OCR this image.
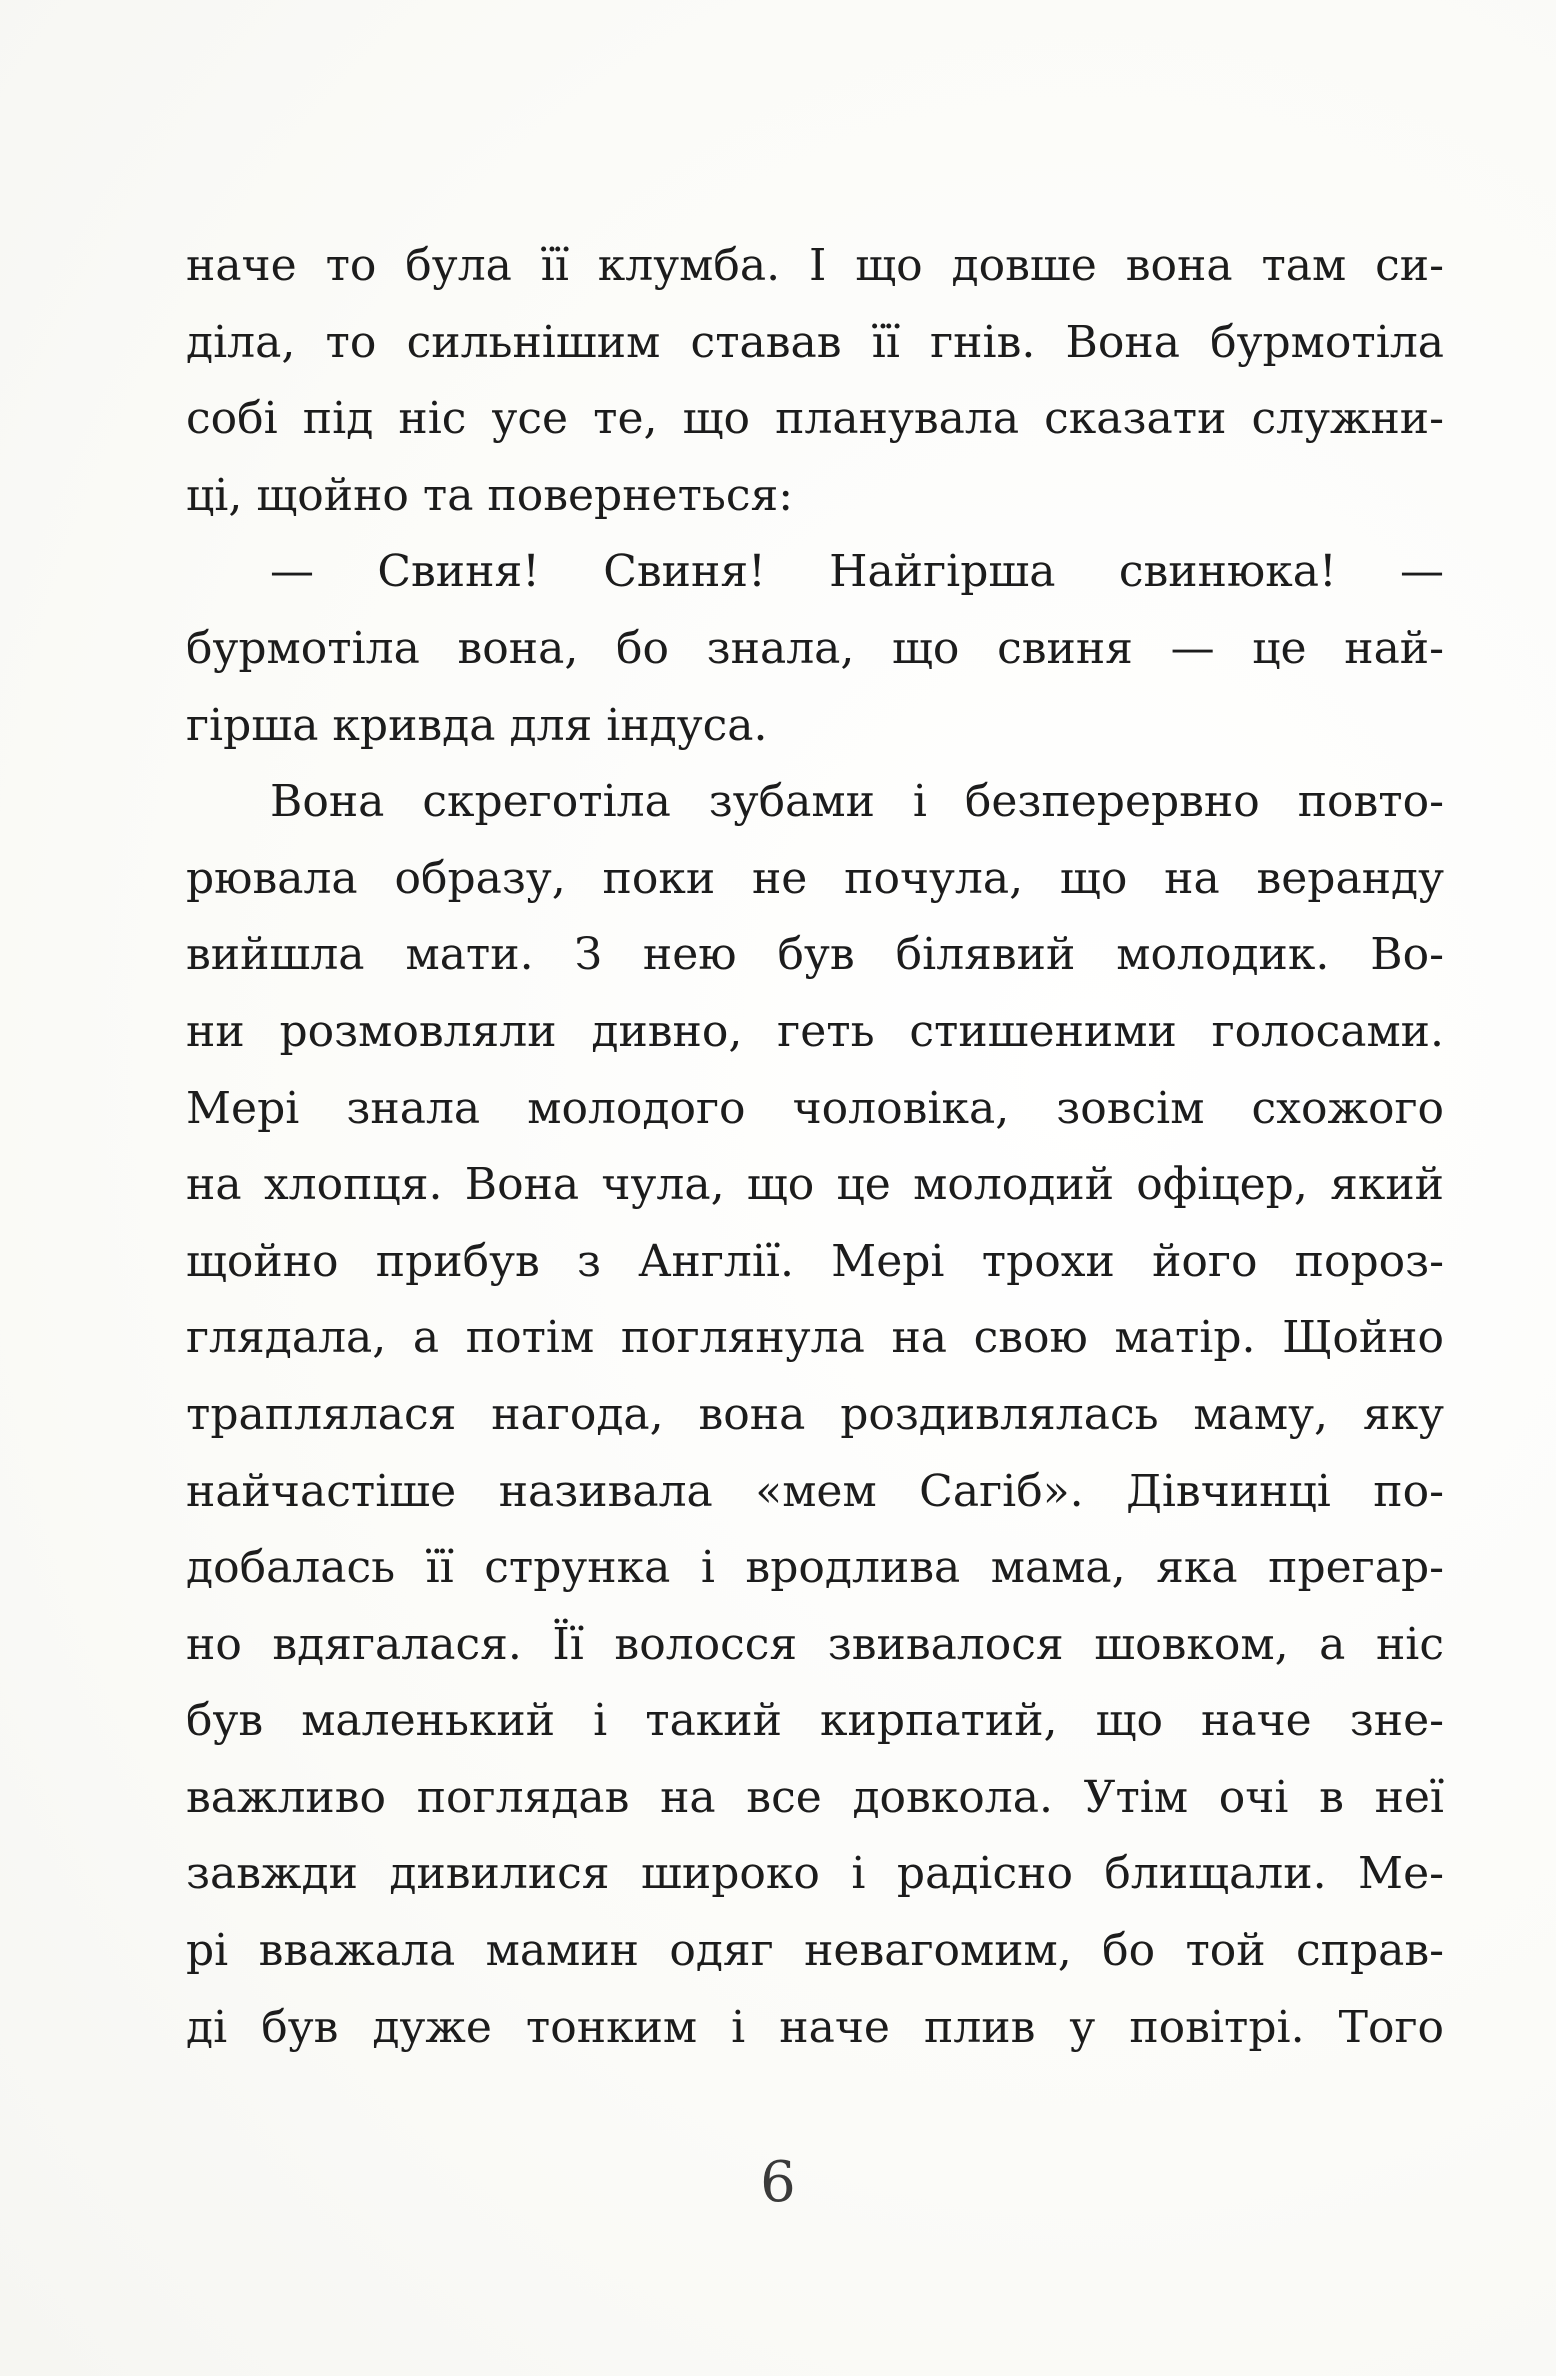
наче то була її клумба. І що довше вона там си-
діла, то сильнішим ставав її гнів. Вона бурмотіла
собі під ніс усе те, що планувала сказати служни-
ці, щойно та повернеться:
— Свиня! Свиня! Найгірша свинюка! —
бурмотіла вона, бо знала, що свиня — це най-
гірша кривда для індуса.
Вона скреготіла зубами і безперервно повто-
рювала образу, поки не почула, що на веранду
вийшла мати. З нею був білявий молодик. Во-
ни розмовляли дивно, геть стишеними голосами.
Мері знала молодого чоловіка, зовсім схожого
на хлопця. Вона чула, що це молодий офіцер, який
щойно прибув з Англії. Мері трохи його пороз-
глядала, а потім поглянула на свою матір. Щойно
траплялася нагода, вона роздивлялась маму, яку
найчастіше називала «мем Сагіб». Дівчинці по-
добалась її струнка і вродлива мама, яка прегар-
но вдягалася. Її волосся звивалося шовком, а ніс
був маленький і такий кирпатий, що наче зне-
важливо поглядав на все довкола. Утім очі в неї
завжди дивилися широко і радісно блищали. Ме-
рі вважала мамин одяг невагомим, бо той справ-
ді був дуже тонким і наче плив у повітрі. Того
6
